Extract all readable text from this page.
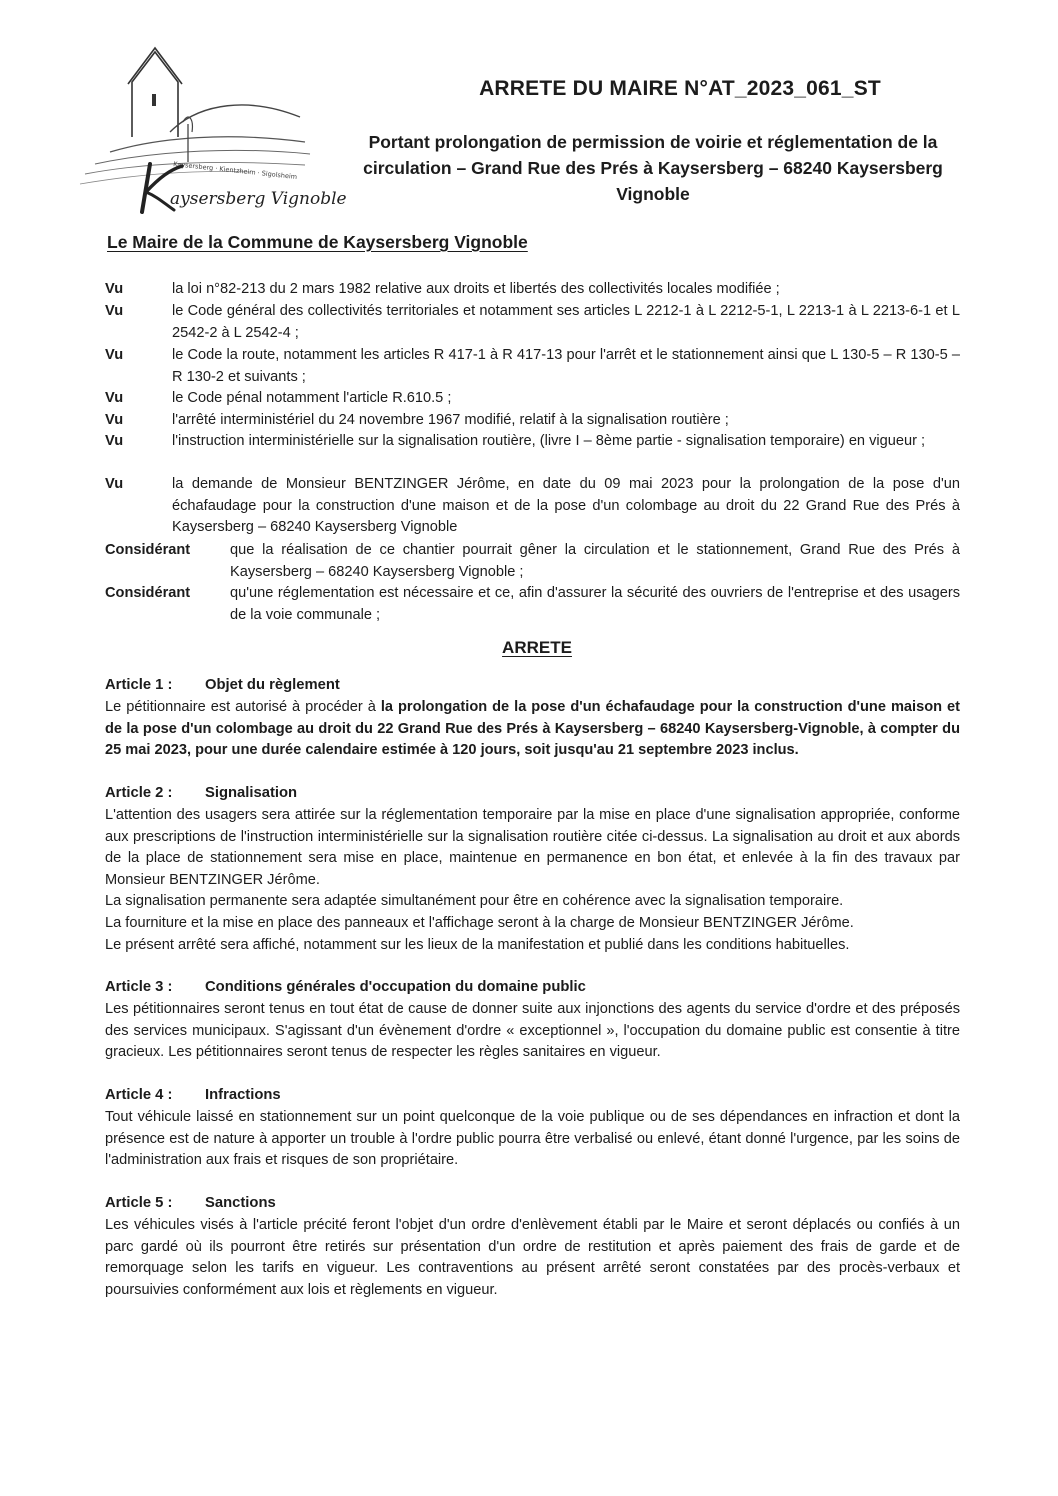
Kaysersberg · Kientzheim · Sigolsheim
aysersberg Vignoble
ARRETE DU MAIRE N°AT_2023_061_ST
Portant prolongation de permission de voirie et réglementation de la circulation – Grand Rue des Prés à Kaysersberg – 68240 Kaysersberg Vignoble
Le Maire de la Commune de Kaysersberg Vignoble
Vu	la loi n°82-213 du 2 mars 1982 relative aux droits et libertés des collectivités locales modifiée ;
Vu	le Code général des collectivités territoriales et notamment ses articles L 2212-1 à L 2212-5-1, L 2213-1 à L 2213-6-1 et L 2542-2 à L 2542-4 ;
Vu	le Code la route, notamment les articles R 417-1 à R 417-13 pour l'arrêt et le stationnement ainsi que L 130-5 – R 130-5 – R 130-2 et suivants ;
Vu	le Code pénal notamment l'article R.610.5 ;
Vu	l'arrêté interministériel du 24 novembre 1967 modifié, relatif à la signalisation routière ;
Vu	l'instruction interministérielle sur la signalisation routière, (livre I – 8ème partie - signalisation temporaire) en vigueur ;
Vu	la demande de Monsieur BENTZINGER Jérôme, en date du 09 mai 2023 pour la prolongation de la pose d'un échafaudage pour la construction d'une maison et de la pose d'un colombage au droit du 22 Grand Rue des Prés à Kaysersberg – 68240 Kaysersberg Vignoble
Considérant	que la réalisation de ce chantier pourrait gêner la circulation et le stationnement, Grand Rue des Prés à Kaysersberg – 68240 Kaysersberg Vignoble ;
Considérant	qu'une réglementation est nécessaire et ce, afin d'assurer la sécurité des ouvriers de l'entreprise et des usagers de la voie communale ;
ARRETE
Article 1 : Objet du règlement

Le pétitionnaire est autorisé à procéder à la prolongation de la pose d'un échafaudage pour la construction d'une maison et de la pose d'un colombage au droit du 22 Grand Rue des Prés à Kaysersberg – 68240 Kaysersberg-Vignoble, à compter du 25 mai 2023, pour une durée calendaire estimée à 120 jours, soit jusqu'au 21 septembre 2023 inclus.

Article 2 : Signalisation

L'attention des usagers sera attirée sur la réglementation temporaire par la mise en place d'une signalisation appropriée, conforme aux prescriptions de l'instruction interministérielle sur la signalisation routière citée ci-dessus. La signalisation au droit et aux abords de la place de stationnement sera mise en place, maintenue en permanence en bon état, et enlevée à la fin des travaux par Monsieur BENTZINGER Jérôme.

La signalisation permanente sera adaptée simultanément pour être en cohérence avec la signalisation temporaire.

La fourniture et la mise en place des panneaux et l'affichage seront à la charge de Monsieur BENTZINGER Jérôme.

Le présent arrêté sera affiché, notamment sur les lieux de la manifestation et publié dans les conditions habituelles.

Article 3 : Conditions générales d'occupation du domaine public

Les pétitionnaires seront tenus en tout état de cause de donner suite aux injonctions des agents du service d'ordre et des préposés des services municipaux. S'agissant d'un évènement d'ordre « exceptionnel », l'occupation du domaine public est consentie à titre gracieux. Les pétitionnaires seront tenus de respecter les règles sanitaires en vigueur.

Article 4 : Infractions

Tout véhicule laissé en stationnement sur un point quelconque de la voie publique ou de ses dépendances en infraction et dont la présence est de nature à apporter un trouble à l'ordre public pourra être verbalisé ou enlevé, étant donné l'urgence, par les soins de l'administration aux frais et risques de son propriétaire.

Article 5 : Sanctions

Les véhicules visés à l'article précité feront l'objet d'un ordre d'enlèvement établi par le Maire et seront déplacés ou confiés à un parc gardé où ils pourront être retirés sur présentation d'un ordre de restitution et après paiement des frais de garde et de remorquage selon les tarifs en vigueur. Les contraventions au présent arrêté seront constatées par des procès-verbaux et poursuivies conformément aux lois et règlements en vigueur.
